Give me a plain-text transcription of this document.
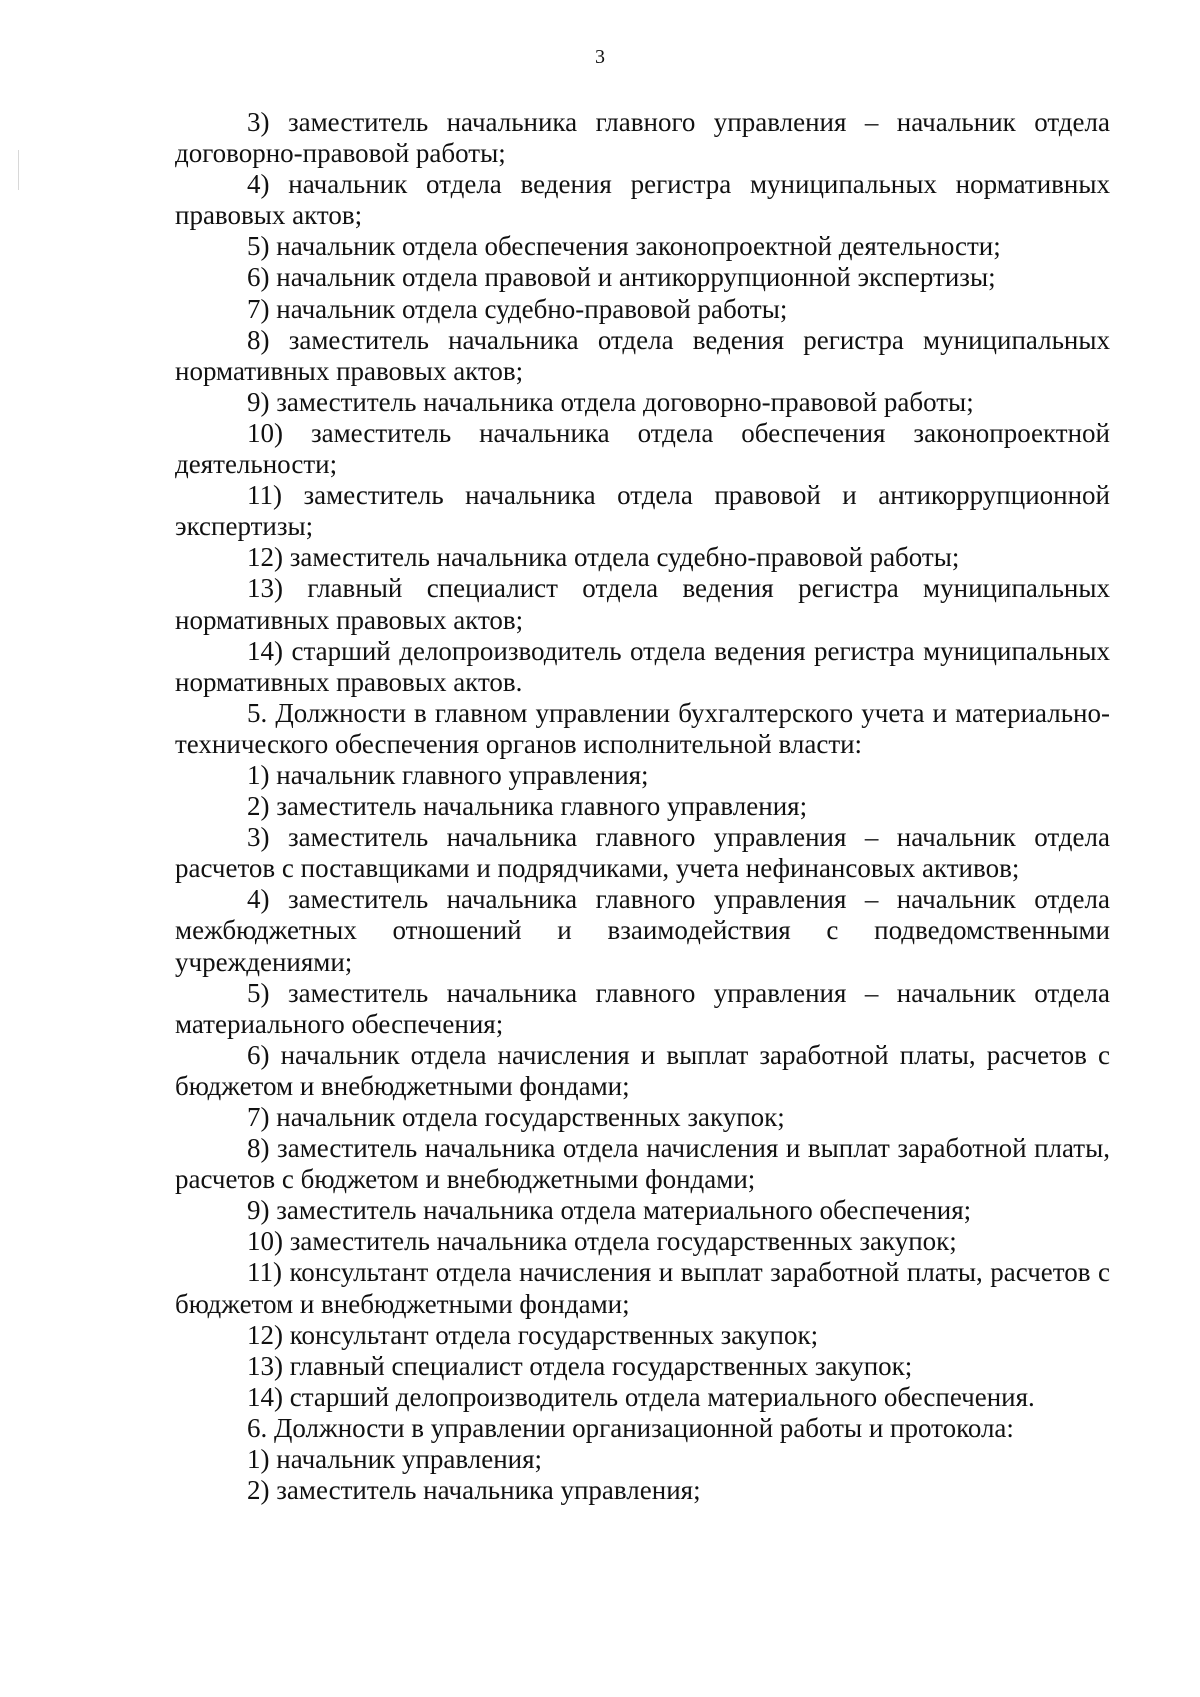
3

3) заместитель начальника главного управления – начальник отдела договорно-правовой работы;

4) начальник отдела ведения регистра муниципальных нормативных правовых актов;

5) начальник отдела обеспечения законопроектной деятельности;

6) начальник отдела правовой и антикоррупционной экспертизы;

7) начальник отдела судебно-правовой работы;

8) заместитель начальника отдела ведения регистра муниципальных нормативных правовых актов;

9) заместитель начальника отдела договорно-правовой работы;

10) заместитель начальника отдела обеспечения законопроектной деятельности;

11) заместитель начальника отдела правовой и антикоррупционной экспертизы;

12) заместитель начальника отдела судебно-правовой работы;

13) главный специалист отдела ведения регистра муниципальных нормативных правовых актов;

14) старший делопроизводитель отдела ведения регистра муниципальных нормативных правовых актов.

5. Должности в главном управлении бухгалтерского учета и материально-технического обеспечения органов исполнительной власти:

1) начальник главного управления;

2) заместитель начальника главного управления;

3) заместитель начальника главного управления – начальник отдела расчетов с поставщиками и подрядчиками, учета нефинансовых активов;

4) заместитель начальника главного управления – начальник отдела межбюджетных отношений и взаимодействия с подведомственными учреждениями;

5) заместитель начальника главного управления – начальник отдела материального обеспечения;

6) начальник отдела начисления и выплат заработной платы, расчетов с бюджетом и внебюджетными фондами;

7) начальник отдела государственных закупок;

8) заместитель начальника отдела начисления и выплат заработной платы, расчетов с бюджетом и внебюджетными фондами;

9) заместитель начальника отдела материального обеспечения;

10) заместитель начальника отдела государственных закупок;

11) консультант отдела начисления и выплат заработной платы, расчетов с бюджетом и внебюджетными фондами;

12) консультант отдела государственных закупок;

13) главный специалист отдела государственных закупок;

14) старший делопроизводитель отдела материального обеспечения.

6. Должности в управлении организационной работы и протокола:

1) начальник управления;

2) заместитель начальника управления;
